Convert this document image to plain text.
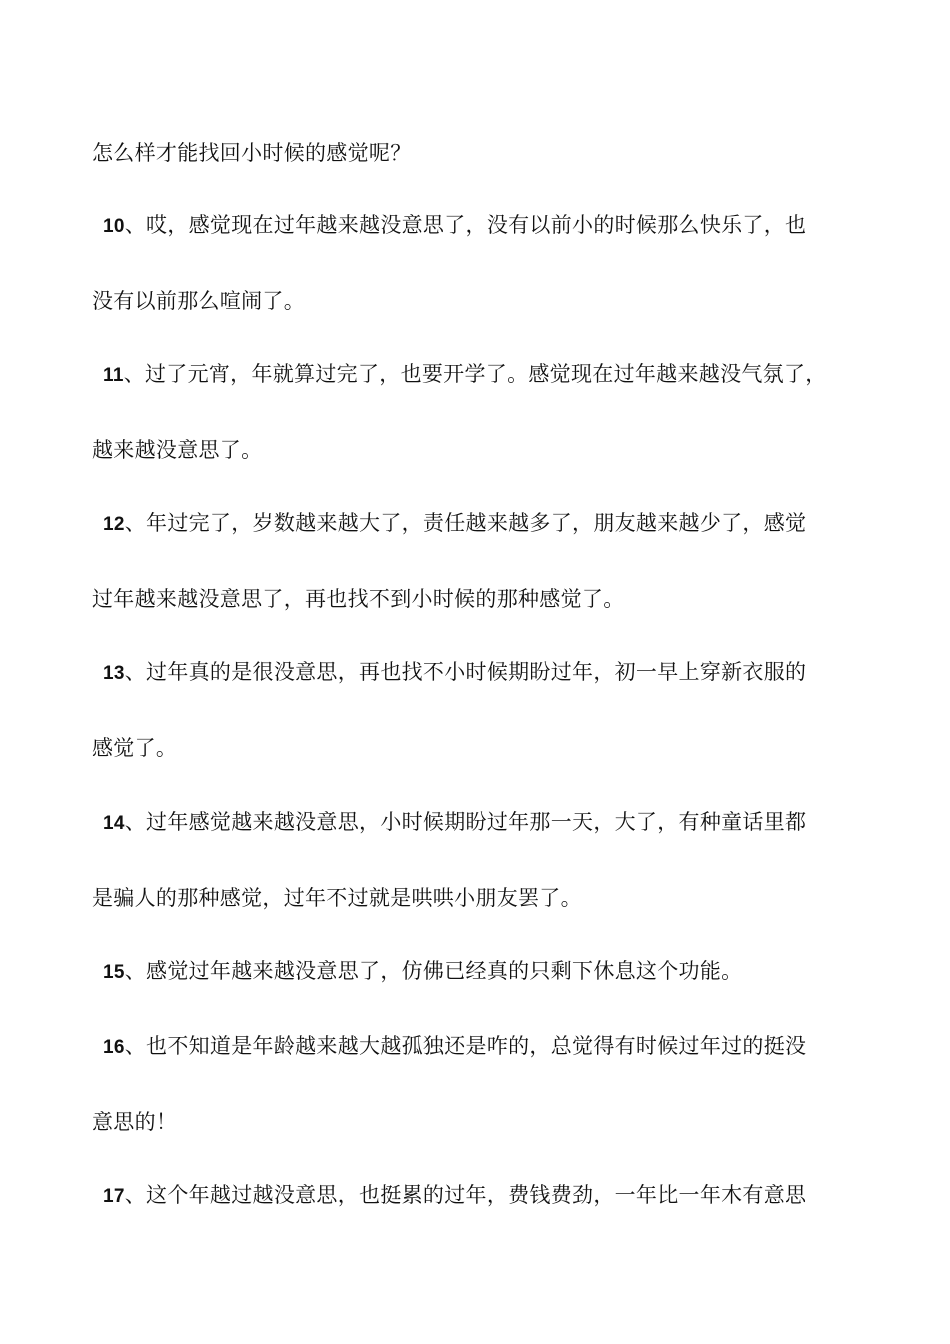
怎么样才能找回小时候的感觉呢？
10、哎，感觉现在过年越来越没意思了，没有以前小的时候那么快乐了，也
没有以前那么喧闹了。
11、过了元宵，年就算过完了，也要开学了。感觉现在过年越来越没气氛了，
越来越没意思了。
12、年过完了，岁数越来越大了，责任越来越多了，朋友越来越少了，感觉
过年越来越没意思了，再也找不到小时候的那种感觉了。
13、过年真的是很没意思，再也找不小时候期盼过年，初一早上穿新衣服的
感觉了。
14、过年感觉越来越没意思，小时候期盼过年那一天，大了，有种童话里都
是骗人的那种感觉，过年不过就是哄哄小朋友罢了。
15、感觉过年越来越没意思了，仿佛已经真的只剩下休息这个功能。
16、也不知道是年龄越来越大越孤独还是咋的，总觉得有时候过年过的挺没
意思的！
17、这个年越过越没意思，也挺累的过年，费钱费劲，一年比一年木有意思
